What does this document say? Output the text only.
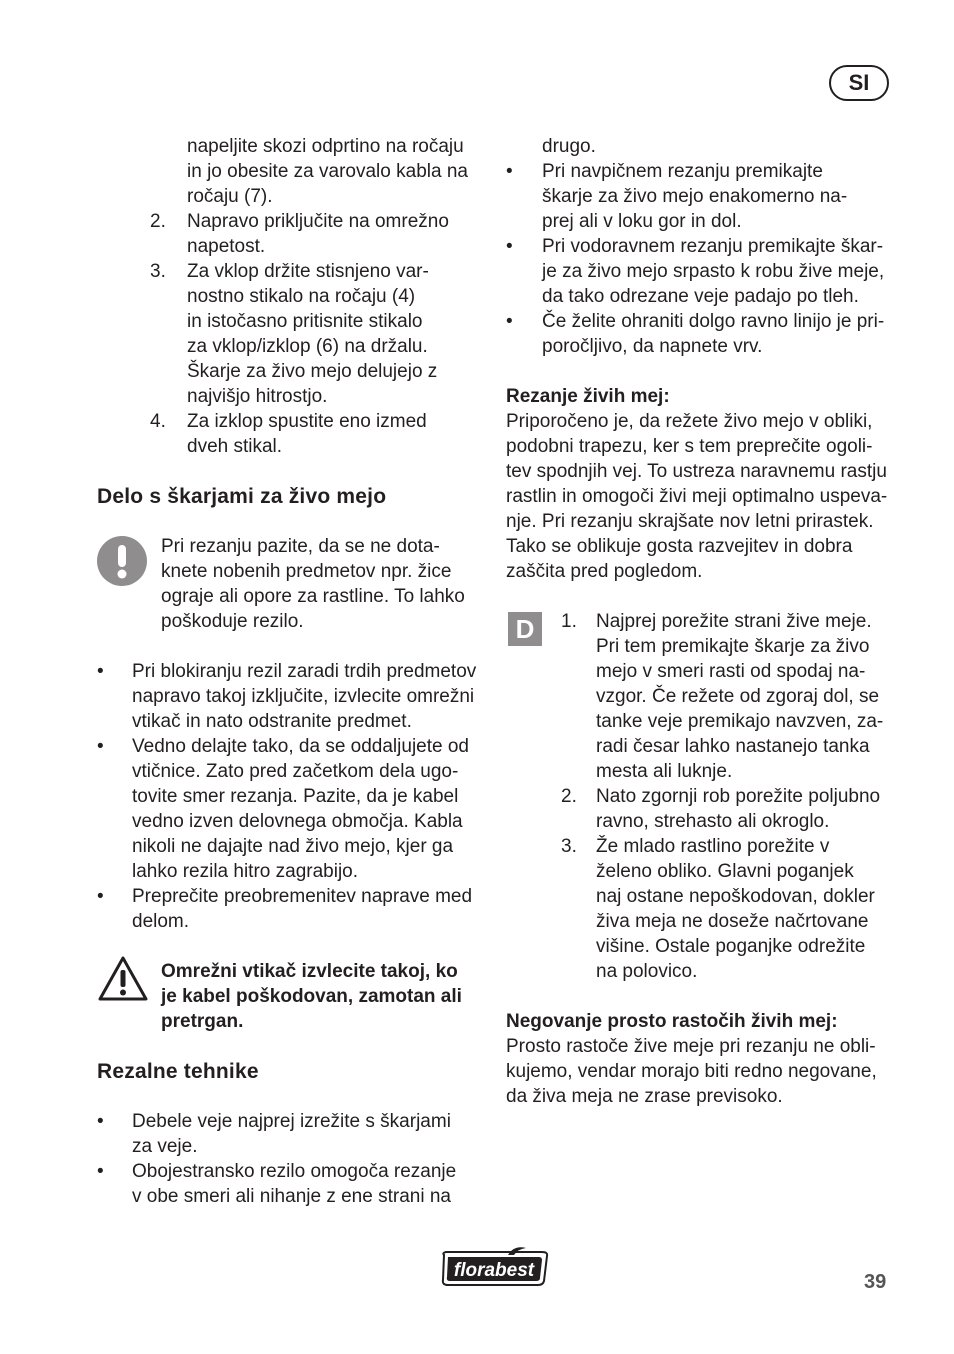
SI

napeljite skozi odprtino na ročaju

in jo obesite za varovalo kabla na

ročaju (7).

2. Napravo priključite na omrežno

napetost.

3. Za vklop držite stisnjeno var-

nostno stikalo na ročaju (4)

in istočasno pritisnite stikalo

za vklop/izklop (6) na držalu.

Škarje za živo mejo delujejo z

najvišjo hitrostjo.

4. Za izklop spustite eno izmed

dveh stikal.

Delo s škarjami za živo mejo

Pri rezanju pazite, da se ne dota-

knete nobenih predmetov npr. žice

ograje ali opore za rastline. To lahko

poškoduje rezilo.

• Pri blokiranju rezil zaradi trdih predmetov

napravo takoj izključite, izvlecite omrežni

vtikač in nato odstranite predmet.

• Vedno delajte tako, da se oddaljujete od

vtičnice. Zato pred začetkom dela ugo-

tovite smer rezanja. Pazite, da je kabel

vedno izven delovnega območja. Kabla

nikoli ne dajajte nad živo mejo, kjer ga

lahko rezila hitro zagrabijo.

• Preprečite preobremenitev naprave med

delom.

Omrežni vtikač izvlecite takoj, ko

je kabel poškodovan, zamotan ali

pretrgan.

Rezalne tehnike
• Debele veje najprej izrežite s škarjami

za veje.

• Obojestransko rezilo omogoča rezanje

v obe smeri ali nihanje z ene strani na

drugo.

• Pri navpičnem rezanju premikajte

škarje za živo mejo enakomerno na-

prej ali v loku gor in dol.

• Pri vodoravnem rezanju premikajte škar-

je za živo mejo srpasto k robu žive meje,

da tako odrezane veje padajo po tleh.

• Če želite ohraniti dolgo ravno linijo je pri-

poročljivo, da napnete vrv.

Rezanje živih mej:

Priporočeno je, da režete živo mejo v obliki,

podobni trapezu, ker s tem preprečite ogoli-

tev spodnjih vej. To ustreza naravnemu rastju

rastlin in omogoči živi meji optimalno uspeva-

nje. Pri rezanju skrajšate nov letni prirastek.

Tako se oblikuje gosta razvejitev in dobra

zaščita pred pogledom.

D	1. Najprej porežite strani žive meje.

Pri tem premikajte škarje za živo

mejo v smeri rasti od spodaj na-

vzgor. Če režete od zgoraj dol, se

tanke veje premikajo navzven, za-

radi česar lahko nastanejo tanka

mesta ali luknje.

2. Nato zgornji rob porežite poljubno

ravno, strehasto ali okroglo.

3. Že mlado rastlino porežite v

želeno obliko. Glavni poganjek

naj ostane nepoškodovan, dokler

živa meja ne doseže načrtovane

višine. Ostale poganjke odrežite

na polovico.

Negovanje prosto rastočih živih mej:

Prosto rastoče žive meje pri rezanju ne obli-

kujemo, vendar morajo biti redno negovane,

da živa meja ne zrase previsoko.

florabest
39
